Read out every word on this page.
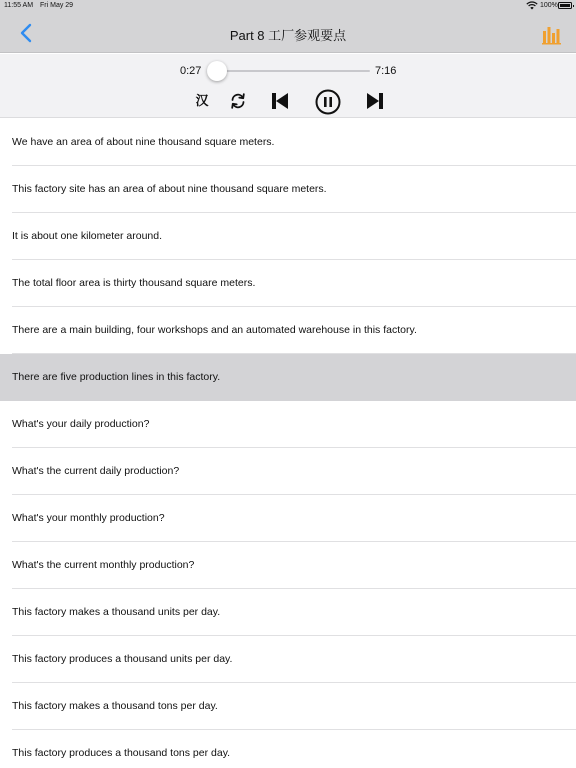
11:55 AM Fri May 29	100%
Part 8 工厂参观要点
0:27	7:16
汉
We have an area of about nine thousand square meters.
This factory site has an area of about nine thousand square meters.
It is about one kilometer around.
The total floor area is thirty thousand square meters.
There are a main building, four workshops and an automated warehouse in this factory.
There are five production lines in this factory.
What's your daily production?
What's the current daily production?
What's your monthly production?
What's the current monthly production?
This factory makes a thousand units per day.
This factory produces a thousand units per day.
This factory makes a thousand tons per day.
This factory produces a thousand tons per day.
